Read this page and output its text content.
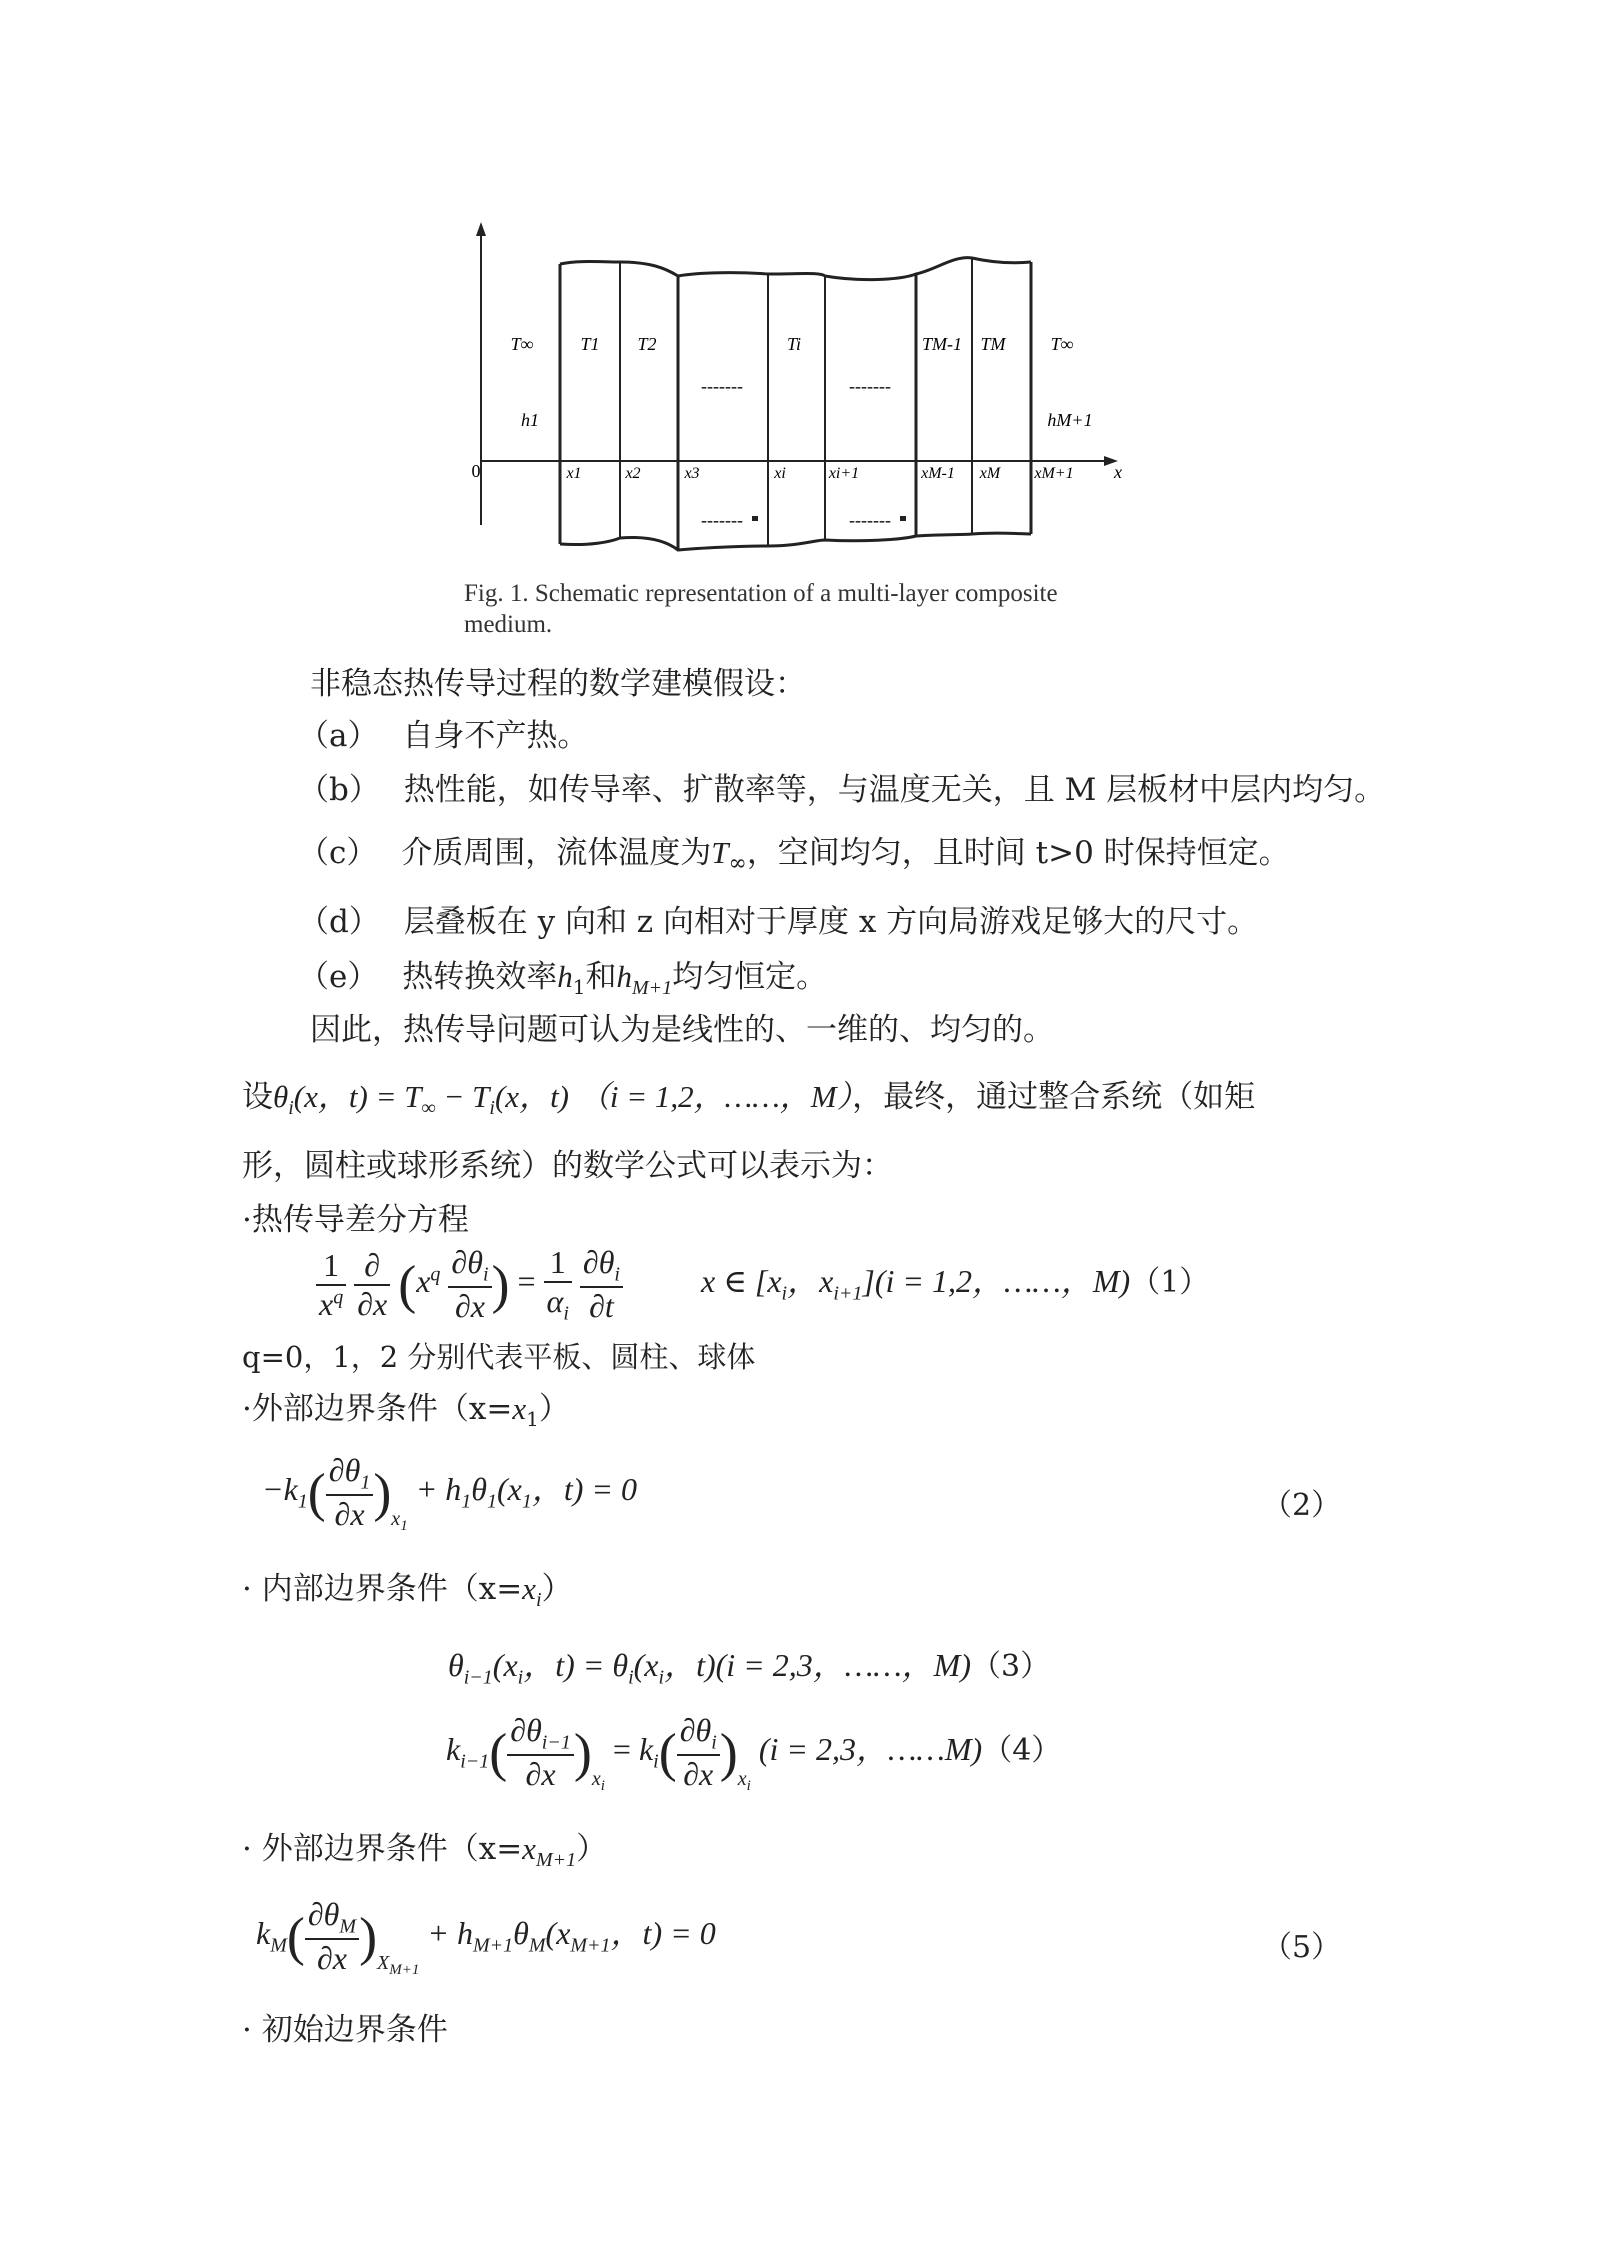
T∞	T1 T2	Ti	TM-1 TM	T∞
-------	-------
h1	hM+1
0	x
x1	x2	x3	xi	xi+1	xM-1 xM xM+1
-------	-------
Fig. 1. Schematic representation of a multi-layer composite
medium.
非稳态热传导过程的数学建模假设：
（a） 自身不产热。
（b） 热性能，如传导率、扩散率等，与温度无关，且 M 层板材中层内均匀。
（c） 介质周围，流体温度为$T_\infty$，空间均匀，且时间 t>0 时保持恒定。
（d） 层叠板在 y 向和 z 向相对于厚度 x 方向局游戏足够大的尺寸。
（e） 热转换效率$h_1$和$h_{M+1}$均匀恒定。
因此，热传导问题可认为是线性的、一维的、均匀的。
设$\theta_i(x$，$t) = T_\infty - T_i(x$，t) （i = 1,2，……，M），最终，通过整合系统（如矩
形，圆柱或球形系统）的数学公式可以表示为：
·热传导差分方程
$\frac{1}{x^q}$
$\frac{\partial}{\partial x} (x^q \frac{\partial\theta_i}{\partial x}$ ) = $\frac{1}{\alpha_i}$
$\frac{\partial\theta_i}{\partial t}$ x ∈ [$x_i$，$x_{i+1}](i = 1,2$，……，M)（1）
q=0，1，2 分别代表平板、圆柱、球体
·外部边界条件$(x=x_1)$
$-k_1( \frac{\partial\theta_1}{\partial x} )_{x_1} + h_1\theta_1(x_1$，t) = 0	（2）
· 内部边界条件$(x=x_i)$
$\theta_{i-1}(x_i$，$t) = \theta_i(x_i$，t)(i = 2,3，……，M)（3）
$k_{i-1}( \frac{\partial\theta_{i-1}}{\partial x} )_{x_i} = k_i( \frac{\partial\theta_i}{\partial x} )_{x_i}$ (i = 2,3，……M)（4）
· 外部边界条件$(x=x_{M+1})$
$k_M( \frac{\partial\theta_M}{\partial x} )_{X_{M+1}} + h_{M+1}\theta_M(x_{M+1}$，t) = 0	（5）
· 初始边界条件
